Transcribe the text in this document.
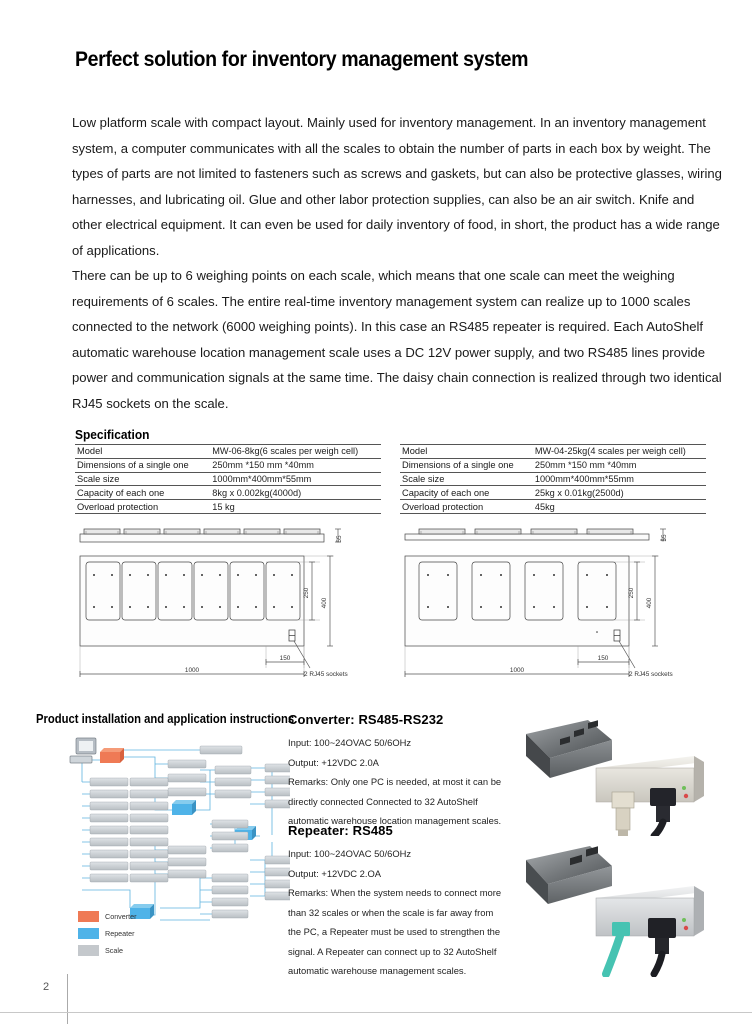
Perfect solution for inventory management system

Low platform scale with compact layout. Mainly used for inventory management. In an inventory management system, a computer communicates with all the scales to obtain the number of parts in each box by weight. The types of parts are not limited to fasteners such as screws and gaskets, but can also be protective glasses, wiring harnesses, and lubricating oil. Glue and other labor protection supplies, can also be an air switch. Knife and other electrical equipment. It can even be used for daily inventory of food, in short, the product has a wide range of applications.

There can be up to 6 weighing points on each scale, which means that one scale can meet the weighing requirements of 6 scales. The entire real-time inventory management system can realize up to 1000 scales connected to the network (6000 weighing points). In this case an RS485 repeater is required. Each AutoShelf automatic warehouse location management scale uses a DC 12V power supply, and two RS485 lines provide power and communication signals at the same time. The daisy chain connection is realized through two identical RJ45 sockets on the scale.

Specification
Model	MW-06-8kg(6 scales per weigh cell)
Dimensions of a single one	250mm *150 mm *40mm
Scale size	1000mm*400mm*55mm
Capacity of each one	8kg x 0.002kg(4000d)
Overload protection	15 kg
Model	MW-04-25kg(4 scales per weigh cell)
Dimensions of a single one	250mm *150 mm *40mm
Scale size	1000mm*400mm*55mm
Capacity of each one	25kg x 0.01kg(2500d)
Overload protection	45kg
55
250
400
150
1000
2 RJ45 sockets
55
250
400
150
1000
2 RJ45 sockets
Product installation and application instructions
Converter
Repeater
Scale
Converter: RS485-RS232
Input: 100~24OVAC 50/6OHz
Output: +12VDC 2.0A
Remarks: Only one PC is needed, at most it can be directly connected Connected to 32 AutoShelf automatic warehouse location management scales.
Repeater: RS485
Input: 100~24OVAC 50/6OHz
Output: +12VDC 2.OA
Remarks: When the system needs to connect more than 32 scales or when the scale is far away from the PC, a Repeater must be used to strengthen the signal. A Repeater can connect up to 32 AutoShelf automatic warehouse management scales.
2
